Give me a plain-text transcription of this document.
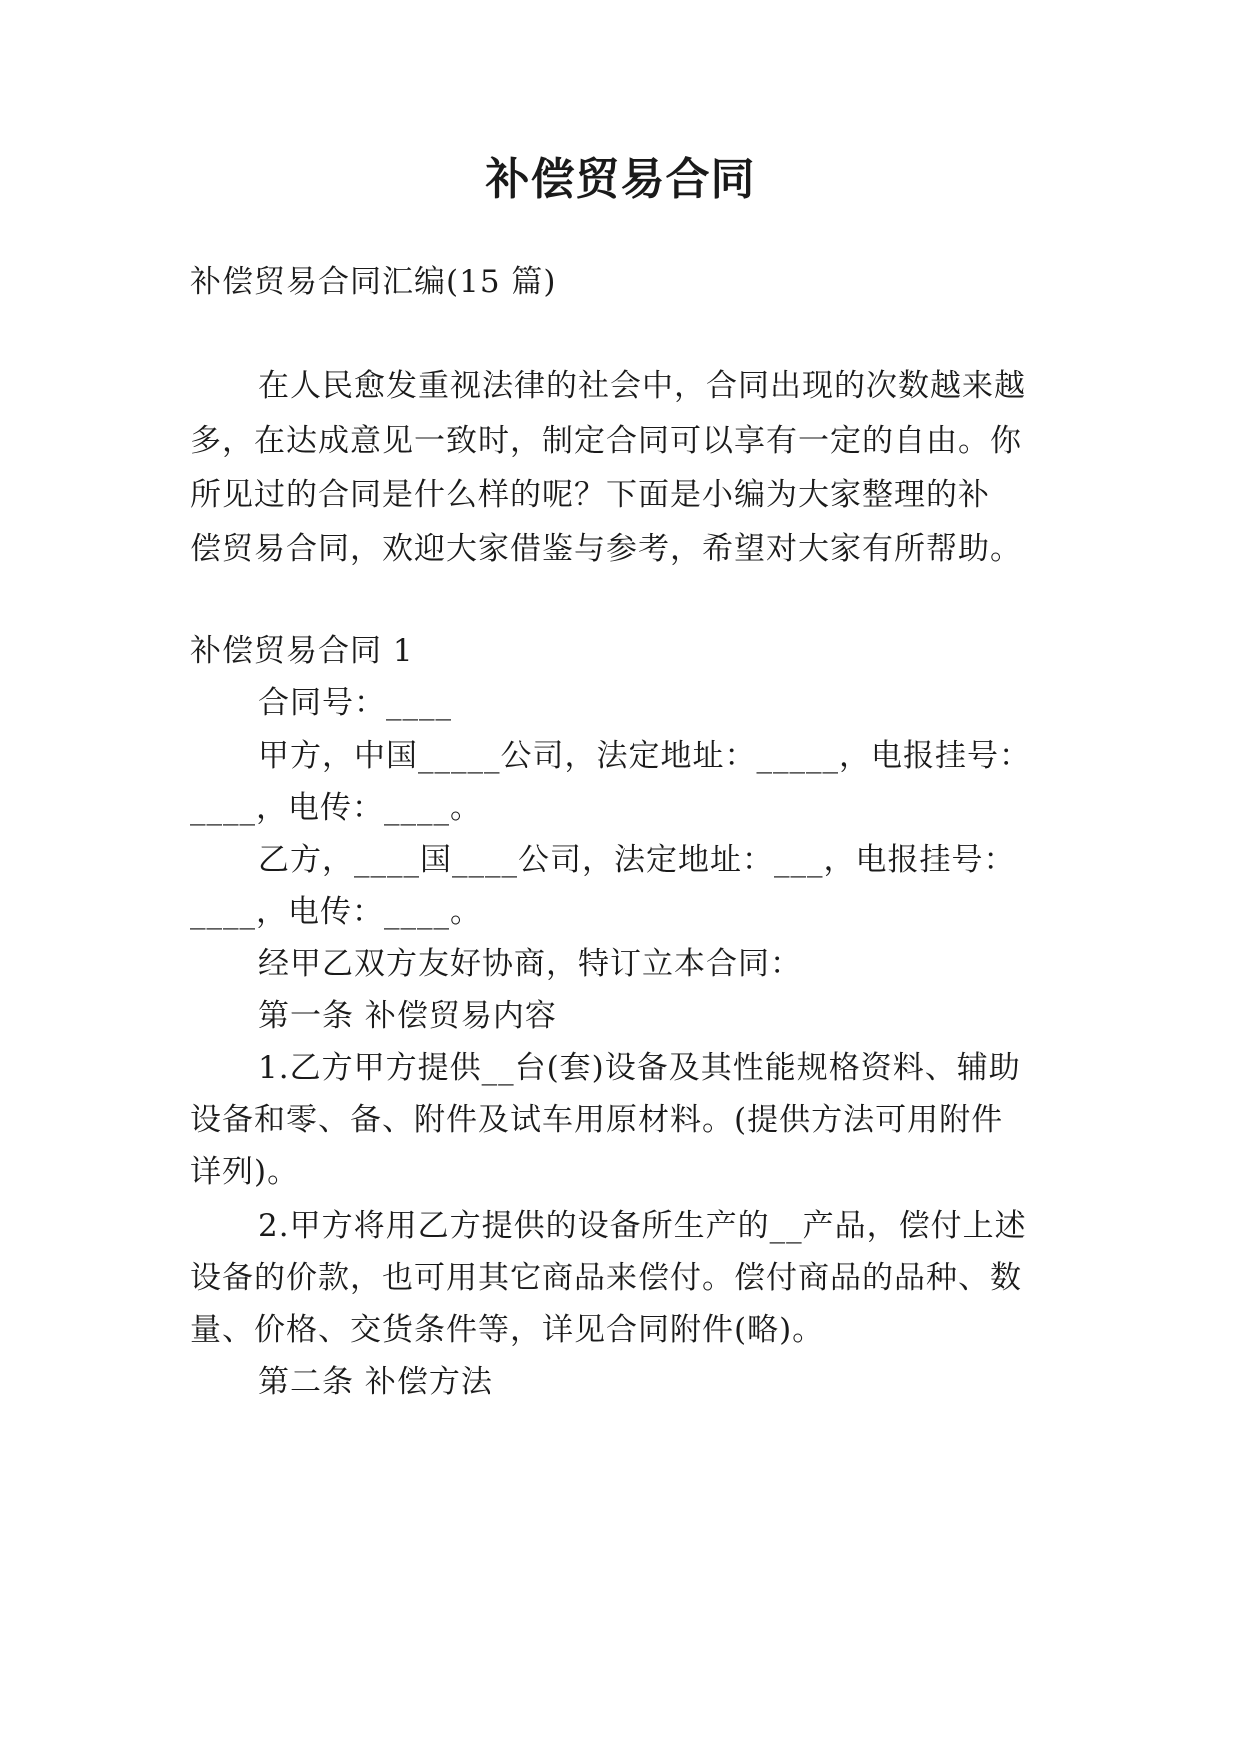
补偿贸易合同
补偿贸易合同汇编(15 篇)
在人民愈发重视法律的社会中，合同出现的次数越来越
多，在达成意见一致时，制定合同可以享有一定的自由。你
所见过的合同是什么样的呢？下面是小编为大家整理的补
偿贸易合同，欢迎大家借鉴与参考，希望对大家有所帮助。
补偿贸易合同 1
合同号：____
甲方，中国_____公司，法定地址：_____，电报挂号：
____，电传：____。
乙方，____国____公司，法定地址：___，电报挂号：
____，电传：____。
经甲乙双方友好协商，特订立本合同：
第一条 补偿贸易内容
1.乙方甲方提供__台(套)设备及其性能规格资料、辅助
设备和零、备、附件及试车用原材料。(提供方法可用附件
详列)。
2.甲方将用乙方提供的设备所生产的__产品，偿付上述
设备的价款，也可用其它商品来偿付。偿付商品的品种、数
量、价格、交货条件等，详见合同附件(略)。
第二条 补偿方法
